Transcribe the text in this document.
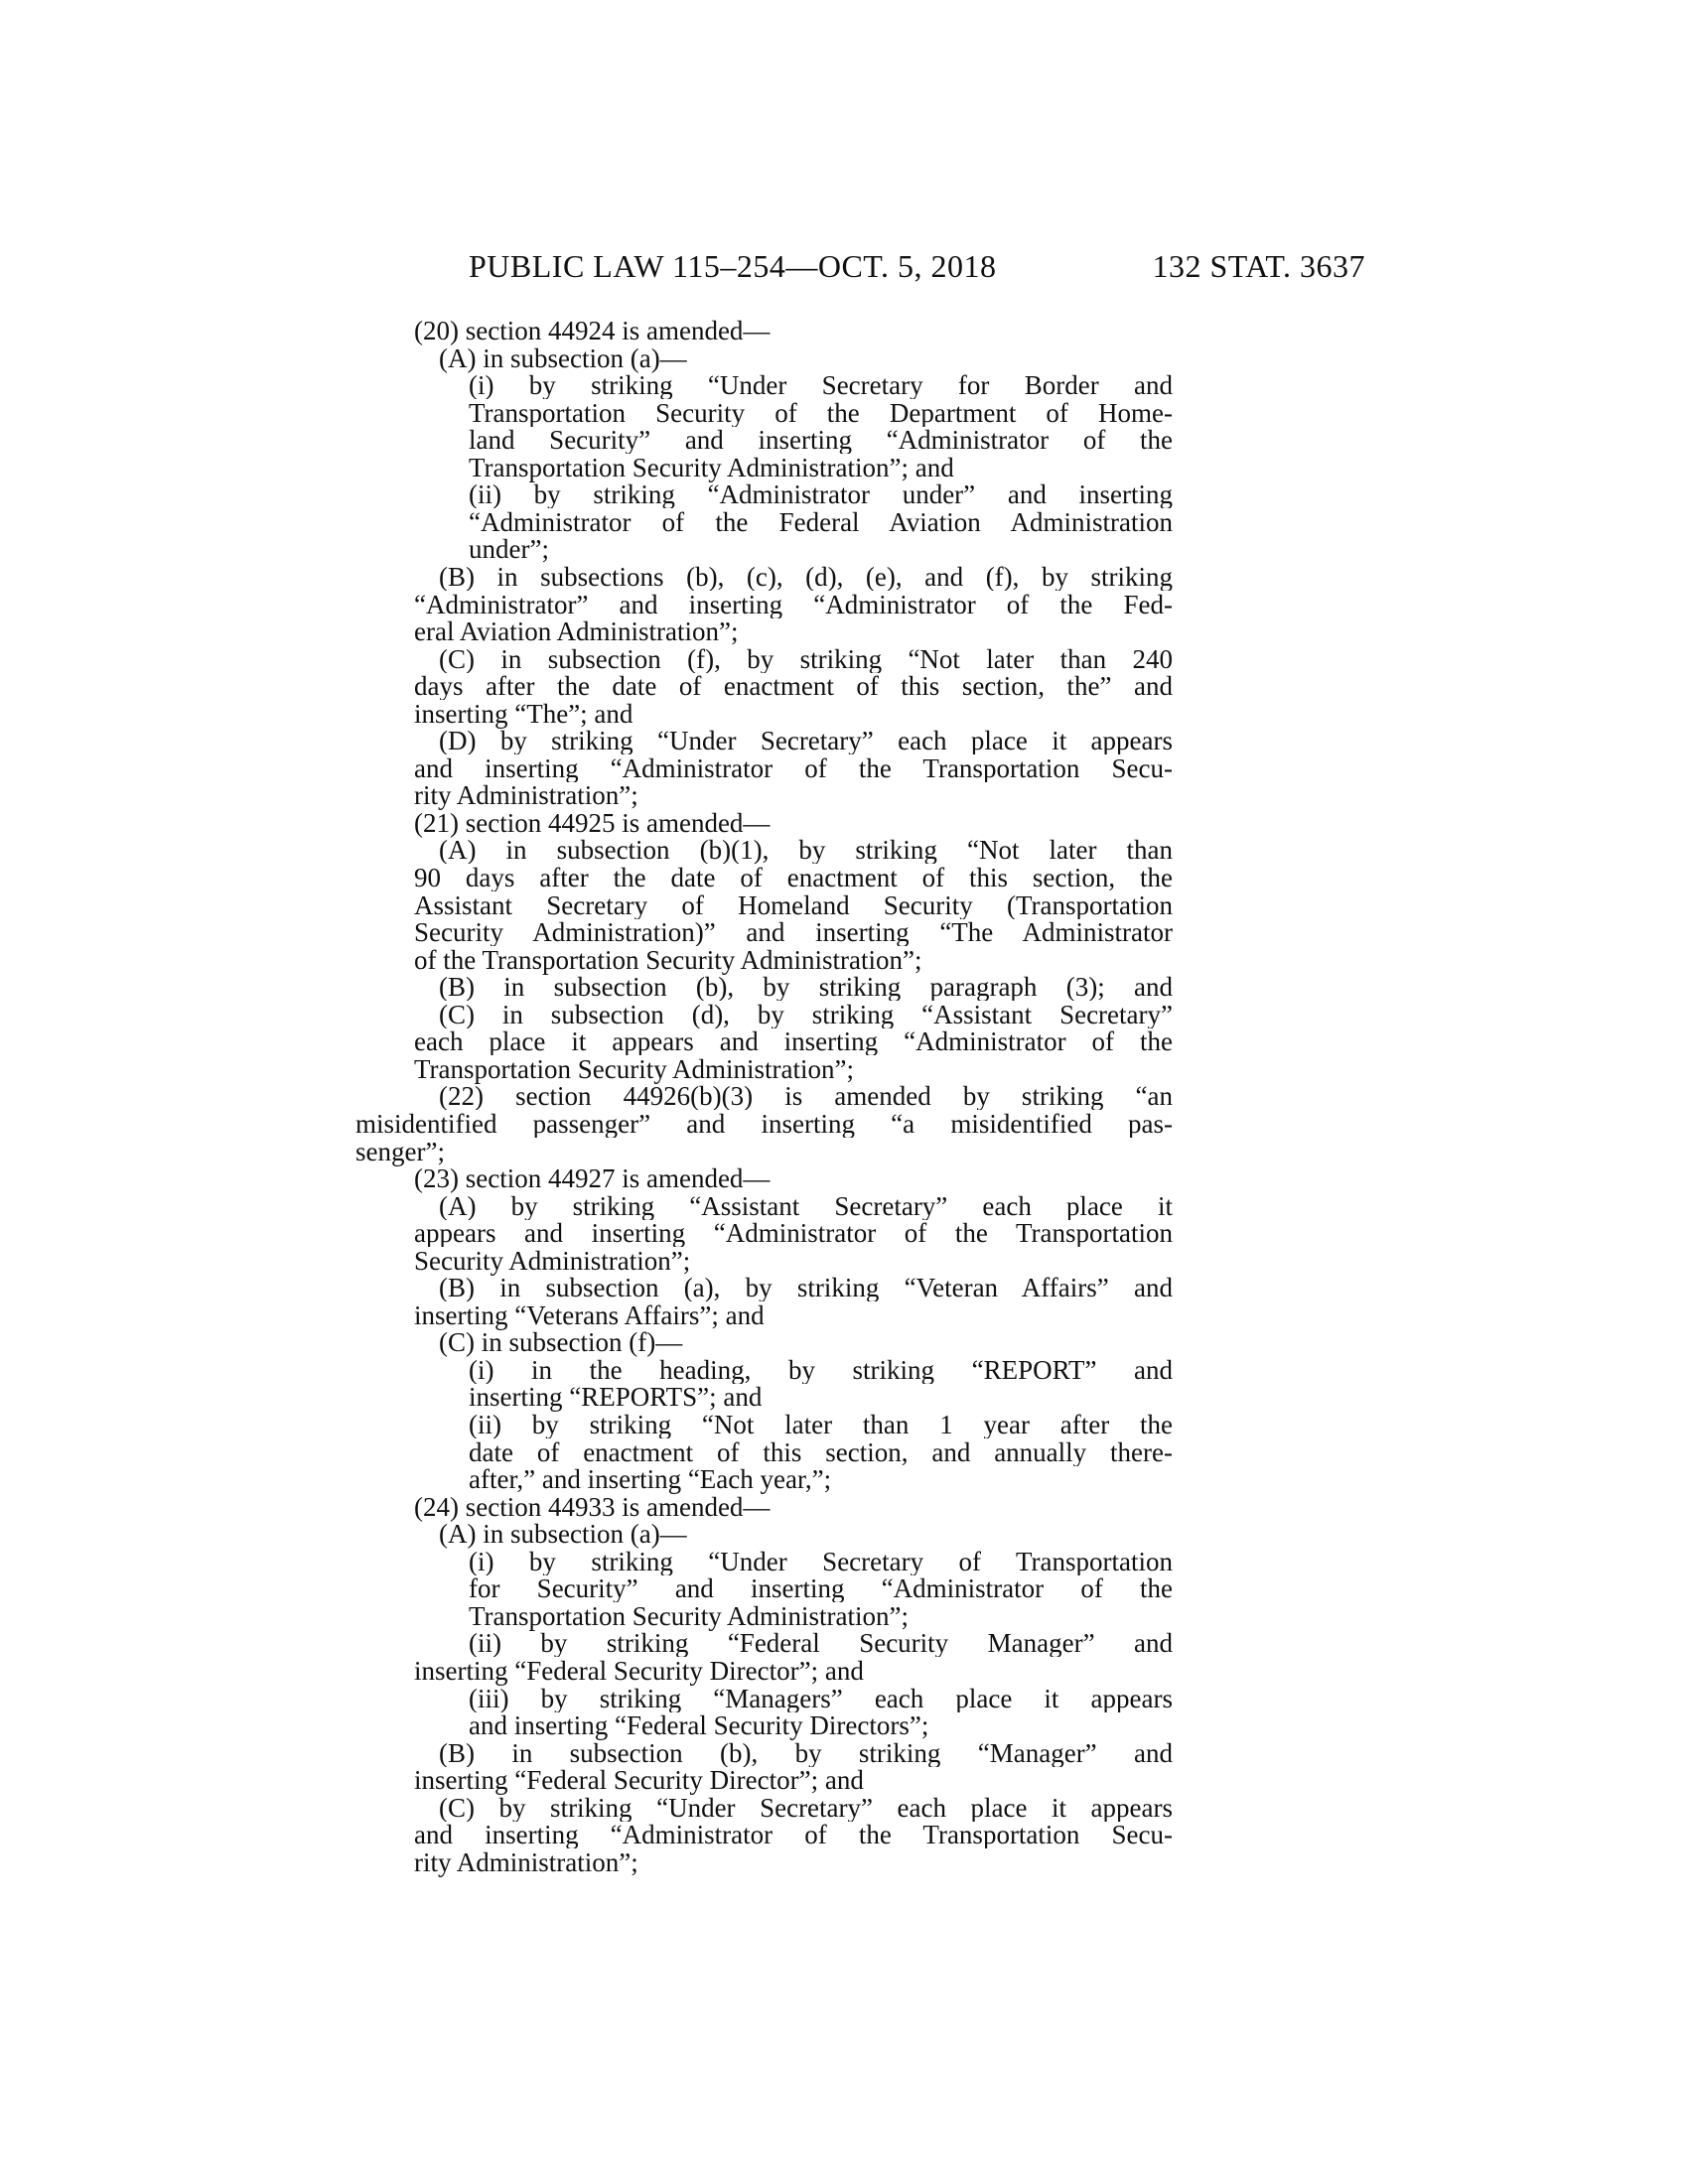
PUBLIC LAW 115–254—OCT. 5, 2018	132 STAT. 3637
(20) section 44924 is amended—
(A) in subsection (a)—
(i) by striking “Under Secretary for Border and
Transportation Security of the Department of Home-
land Security” and inserting “Administrator of the
Transportation Security Administration”; and
(ii) by striking “Administrator under” and inserting
“Administrator of the Federal Aviation Administration
under”;
(B) in subsections (b), (c), (d), (e), and (f), by striking
“Administrator” and inserting “Administrator of the Fed-
eral Aviation Administration”;
(C) in subsection (f), by striking “Not later than 240
days after the date of enactment of this section, the” and
inserting “The”; and
(D) by striking “Under Secretary” each place it appears
and inserting “Administrator of the Transportation Secu-
rity Administration”;
(21) section 44925 is amended—
(A) in subsection (b)(1), by striking “Not later than
90 days after the date of enactment of this section, the
Assistant Secretary of Homeland Security (Transportation
Security Administration)” and inserting “The Administrator
of the Transportation Security Administration”;
(B) in subsection (b), by striking paragraph (3); and
(C) in subsection (d), by striking “Assistant Secretary”
each place it appears and inserting “Administrator of the
Transportation Security Administration”;
(22) section 44926(b)(3) is amended by striking “an
misidentified passenger” and inserting “a misidentified pas-
senger”;
(23) section 44927 is amended—
(A) by striking “Assistant Secretary” each place it
appears and inserting “Administrator of the Transportation
Security Administration”;
(B) in subsection (a), by striking “Veteran Affairs” and
inserting “Veterans Affairs”; and
(C) in subsection (f)—
(i) in the heading, by striking “REPORT” and
inserting “REPORTS”; and
(ii) by striking “Not later than 1 year after the
date of enactment of this section, and annually there-
after,” and inserting “Each year,”;
(24) section 44933 is amended—
(A) in subsection (a)—
(i) by striking “Under Secretary of Transportation
for Security” and inserting “Administrator of the
Transportation Security Administration”;
(ii) by striking “Federal Security Manager” and
inserting “Federal Security Director”; and
(iii) by striking “Managers” each place it appears
and inserting “Federal Security Directors”;
(B) in subsection (b), by striking “Manager” and
inserting “Federal Security Director”; and
(C) by striking “Under Secretary” each place it appears
and inserting “Administrator of the Transportation Secu-
rity Administration”;
